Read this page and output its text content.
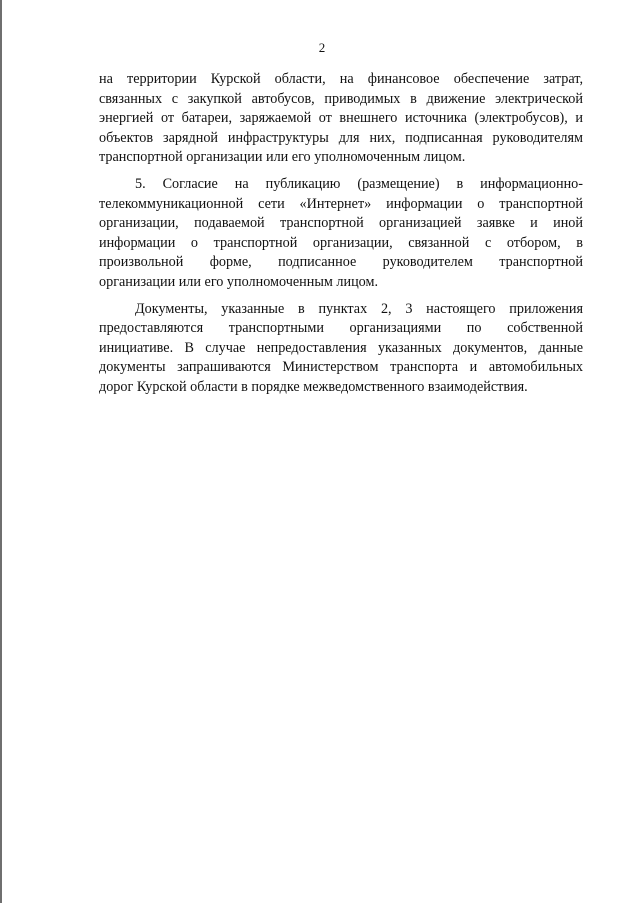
2
на территории Курской области, на финансовое обеспечение затрат,
связанных с закупкой автобусов, приводимых в движение электрической
энергией от батареи, заряжаемой от внешнего источника (электробусов), и
объектов зарядной инфраструктуры для них, подписанная руководителям
транспортной организации или его уполномоченным лицом.
5. Согласие на публикацию (размещение) в информационно-
телекоммуникационной сети «Интернет» информации о транспортной
организации, подаваемой транспортной организацией заявке и иной
информации о транспортной организации, связанной с отбором, в
произвольной форме, подписанное руководителем транспортной
организации или его уполномоченным лицом.
Документы, указанные в пунктах 2, 3 настоящего приложения
предоставляются транспортными организациями по собственной
инициативе. В случае непредоставления указанных документов, данные
документы запрашиваются Министерством транспорта и автомобильных
дорог Курской области в порядке межведомственного взаимодействия.
